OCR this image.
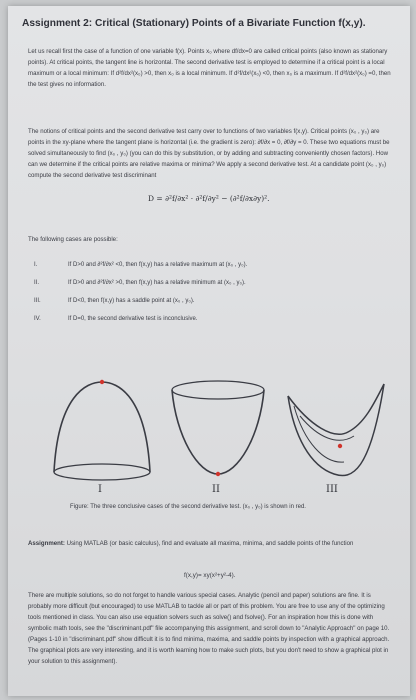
Assignment 2: Critical (Stationary) Points of a Bivariate Function f(x,y).
Let us recall first the case of a function of one variable f(x). Points x₀ where df/dx=0 are called critical points (also known as stationary points). At critical points, the tangent line is horizontal. The second derivative test is employed to determine if a critical point is a local maximum or a local minimum: If d²f/dx²(x₀) >0, then x₀ is a local minimum. If d²f/dx²(x₀) <0, then x₀ is a maximum. If d²f/dx²(x₀) =0, then the test gives no information.
The notions of critical points and the second derivative test carry over to functions of two variables f(x,y). Critical points (x₀ , y₀) are points in the xy-plane where the tangent plane is horizontal (i.e. the gradient is zero): ∂f/∂x = 0, ∂f/∂y = 0. These two equations must be solved simultaneously to find (x₀ , y₀) (you can do this by substitution, or by adding and subtracting conveniently chosen factors). How can we determine if the critical points are relative maxima or minima? We apply a second derivative test. At a candidate point (x₀ , y₀) compute the second derivative test discriminant
D = ∂²f/∂x² · ∂²f/∂y² − (∂²f/∂x∂y)².
The following cases are possible:
I.	If D>0 and ∂²f/∂x² <0, then f(x,y) has a relative maximum at (x₀ , y₀).
II.	If D>0 and ∂²f/∂x² >0, then f(x,y) has a relative minimum at (x₀ , y₀).
III.	If D<0, then f(x,y) has a saddle point at (x₀ , y₀).
IV.	If D=0, the second derivative test is inconclusive.
I	II	III
Figure: The three conclusive cases of the second derivative test. (x₀ , y₀) is shown in red.
Assignment: Using MATLAB (or basic calculus), find and evaluate all maxima, minima, and saddle points of the function
f(x,y)= xy(x²+y²-4).
There are multiple solutions, so do not forget to handle various special cases. Analytic (pencil and paper) solutions are fine. It is probably more difficult (but encouraged) to use MATLAB to tackle all or part of this problem. You are free to use any of the optimizing tools mentioned in class. You can also use equation solvers such as solve() and fsolve(). For an inspiration how this is done with symbolic math tools, see the "discriminant.pdf" file accompanying this assignment, and scroll down to "Analytic Approach" on page 10. (Pages 1-10 in "discriminant.pdf" show difficult it is to find minima, maxima, and saddle points by inspection with a graphical approach. The graphical plots are very interesting, and it is worth learning how to make such plots, but you don't need to show a graphical plot in your solution to this assignment).
